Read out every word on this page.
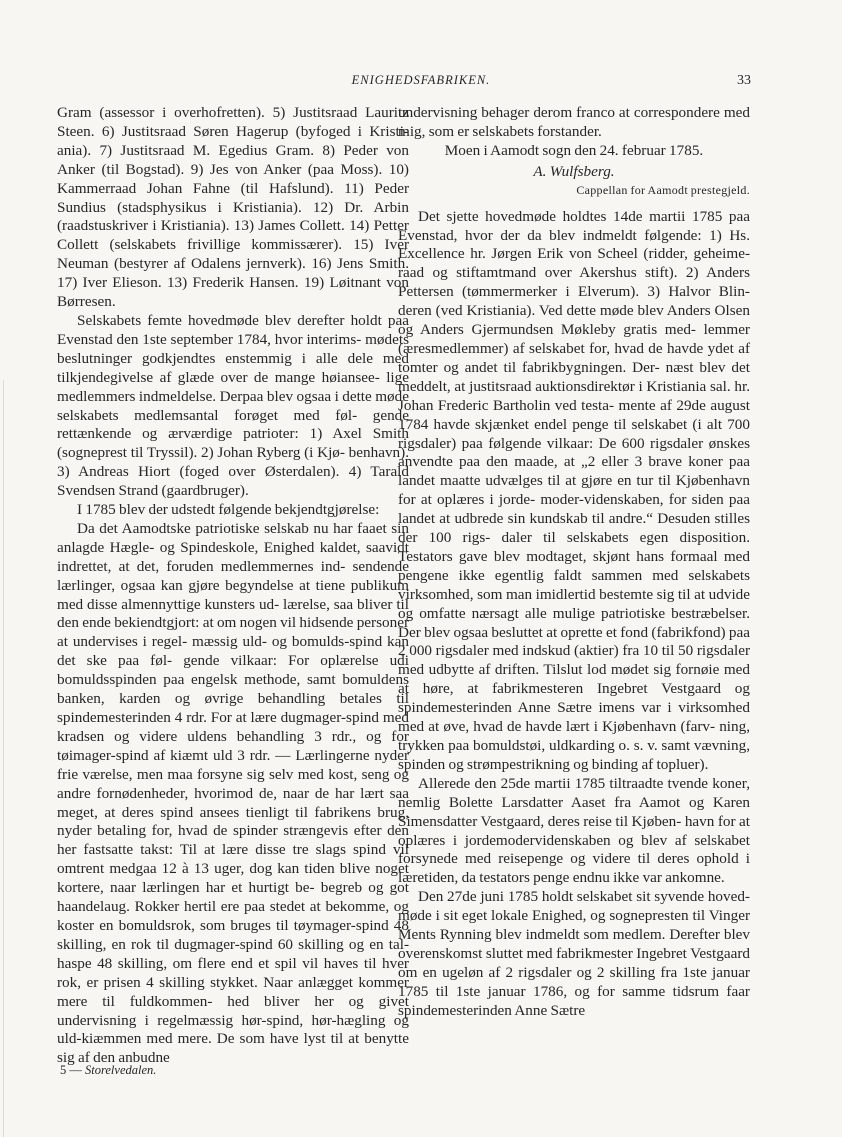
ENIGHEDSFABRIKEN.	33

Gram (assessor i overhofretten). 5) Justitsraad Lauritz Steen. 6) Justitsraad Søren Hagerup (byfoged i Kristi- ania). 7) Justitsraad M. Egedius Gram. 8) Peder von Anker (til Bogstad). 9) Jes von Anker (paa Moss). 10) Kammerraad Johan Fahne (til Hafslund). 11) Peder Sundius (stadsphysikus i Kristiania). 12) Dr. Arbin (raadstuskriver i Kristiania). 13) James Collett. 14) Petter Collett (selskabets frivillige kommissærer). 15) Iver Neuman (bestyrer af Odalens jernverk). 16) Jens Smith. 17) Iver Elieson. 13) Frederik Hansen. 19) Løitnant von Børresen.

Selskabets femte hovedmøde blev derefter holdt paa Evenstad den 1ste september 1784, hvor interims- mødets beslutninger godkjendtes enstemmig i alle dele med tilkjendegivelse af glæde over de mange høiansee- lige medlemmers indmeldelse. Derpaa blev ogsaa i dette møde selskabets medlemsantal forøget med føl- gende rettænkende og ærværdige patrioter: 1) Axel Smith (sogneprest til Tryssil). 2) Johan Ryberg (i Kjø- benhavn). 3) Andreas Hiort (foged over Østerdalen). 4) Tarald Svendsen Strand (gaardbruger).

I 1785 blev der udstedt følgende bekjendtgjørelse:

Da det Aamodtske patriotiske selskab nu har faaet sin anlagde Hægle- og Spindeskole, Enighed kaldet, saavidt indrettet, at det, foruden medlemmernes ind- sendende lærlinger, ogsaa kan gjøre begyndelse at tiene publikum med disse almennyttige kunsters ud- lærelse, saa bliver til den ende bekiendtgjort: at om nogen vil hidsende personer at undervises i regel- mæssig uld- og bomulds-spind kan det ske paa føl- gende vilkaar: For oplærelse udi bomuldsspinden paa engelsk methode, samt bomuldens banken, karden og øvrige behandling betales til spindemesterinden 4 rdr. For at lære dugmager-spind med kradsen og videre uldens behandling 3 rdr., og for tøimager-spind af kiæmt uld 3 rdr. — Lærlingerne nyder frie værelse, men maa forsyne sig selv med kost, seng og andre fornødenheder, hvorimod de, naar de har lært saa meget, at deres spind ansees tienligt til fabrikens brug, nyder betaling for, hvad de spinder strængevis efter den her fastsatte takst: Til at lære disse tre slags spind vil omtrent medgaa 12 à 13 uger, dog kan tiden blive noget kortere, naar lærlingen har et hurtigt be- begreb og got haandelaug. Rokker hertil ere paa stedet at bekomme, og koster en bomuldsrok, som bruges til tøymager-spind 48 skilling, en rok til dugmager-spind 60 skilling og en tal-haspe 48 skilling, om flere end et spil vil haves til hver rok, er prisen 4 skilling stykket. Naar anlægget kommer mere til fuldkommen- hed bliver her og givet undervisning i regelmæssig hør-spind, hør-hægling og uld-kiæmmen med mere. De som have lyst til at benytte sig af den anbudne

undervisning behager derom franco at correspondere med mig, som er selskabets forstander.

Moen i Aamodt sogn den 24. februar 1785.

A. Wulfsberg.
Cappellan for Aamodt prestegjeld.

Det sjette hovedmøde holdtes 14de martii 1785 paa Evenstad, hvor der da blev indmeldt følgende: 1) Hs. Excellence hr. Jørgen Erik von Scheel (ridder, geheime- raad og stiftamtmand over Akershus stift). 2) Anders Pettersen (tømmermerker i Elverum). 3) Halvor Blin- deren (ved Kristiania). Ved dette møde blev Anders Olsen og Anders Gjermundsen Møkleby gratis med- lemmer (æresmedlemmer) af selskabet for, hvad de havde ydet af tomter og andet til fabrikbygningen. Der- næst blev det meddelt, at justitsraad auktionsdirektør i Kristiania sal. hr. Johan Frederic Bartholin ved testa- mente af 29de august 1784 havde skjænket endel penge til selskabet (i alt 700 rigsdaler) paa følgende vilkaar: De 600 rigsdaler ønskes anvendte paa den maade, at „2 eller 3 brave koner paa landet maatte udvælges til at gjøre en tur til Kjøbenhavn for at oplæres i jorde- moder-videnskaben, for siden paa landet at udbrede sin kundskab til andre.“ Desuden stilles der 100 rigs- daler til selskabets egen disposition. Testators gave blev modtaget, skjønt hans formaal med pengene ikke egentlig faldt sammen med selskabets virksomhed, som man imidlertid bestemte sig til at udvide og omfatte nærsagt alle mulige patriotiske bestræbelser. Der blev ogsaa besluttet at oprette et fond (fabrikfond) paa 2 000 rigsdaler med indskud (aktier) fra 10 til 50 rigsdaler med udbytte af driften. Tilslut lod mødet sig fornøie med at høre, at fabrikmesteren Ingebret Vestgaard og spindemesterinden Anne Sætre imens var i virksomhed med at øve, hvad de havde lært i Kjøbenhavn (farv- ning, trykken paa bomuldstøi, uldkarding o. s. v. samt vævning, spinden og strømpestrikning og binding af topluer).

Allerede den 25de martii 1785 tiltraadte tvende koner, nemlig Bolette Larsdatter Aaset fra Aamot og Karen Simensdatter Vestgaard, deres reise til Kjøben- havn for at oplæres i jordemodervidenskaben og blev af selskabet forsynede med reisepenge og videre til deres ophold i læretiden, da testators penge endnu ikke var ankomne.

Den 27de juni 1785 holdt selskabet sit syvende hoved- møde i sit eget lokale Enighed, og sognepresten til Vinger Ments Rynning blev indmeldt som medlem. Derefter blev overenskomst sluttet med fabrikmester Ingebret Vestgaard om en ugeløn af 2 rigsdaler og 2 skilling fra 1ste januar 1785 til 1ste januar 1786, og for samme tidsrum faar spindemesterinden Anne Sætre

5 — Storelvedalen.
